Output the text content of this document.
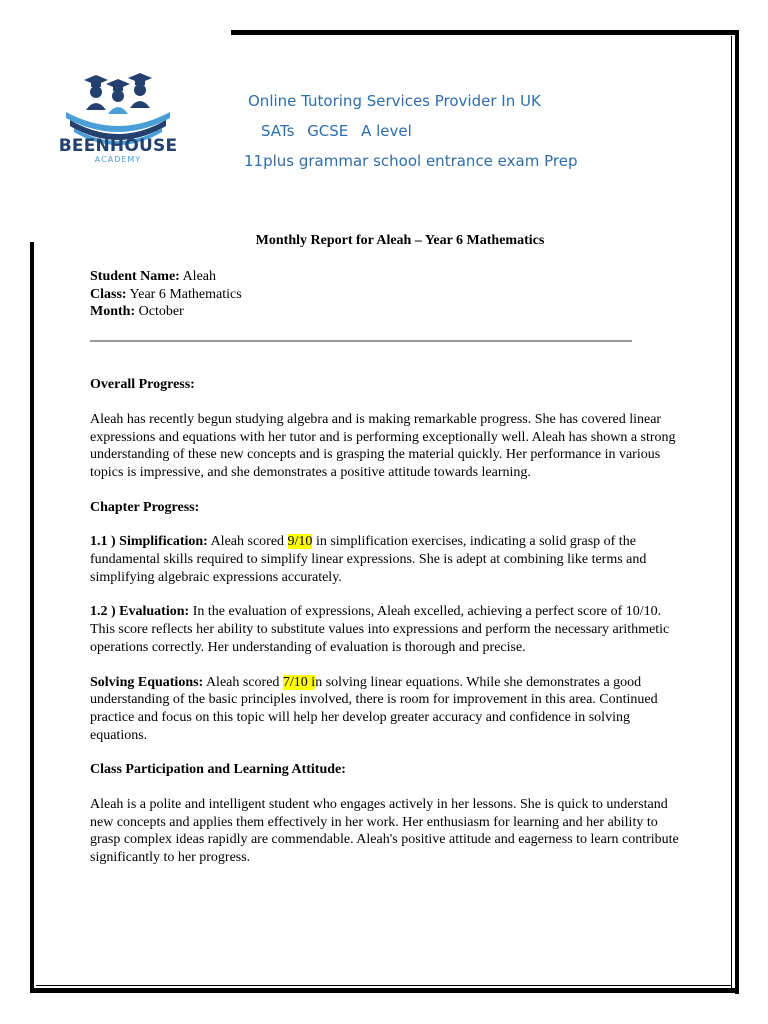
BEENHOUSE
ACADEMY
Online Tutoring Services Provider In UK
SATs GCSE A level
11plus grammar school entrance exam Prep
Monthly Report for Aleah – Year 6 Mathematics

Student Name: Aleah

Class: Year 6 Mathematics

Month: October

Overall Progress:

Aleah has recently begun studying algebra and is making remarkable progress. She has covered linear expressions and equations with her tutor and is performing exceptionally well. Aleah has shown a strong understanding of these new concepts and is grasping the material quickly. Her performance in various topics is impressive, and she demonstrates a positive attitude towards learning.

Chapter Progress:

1.1 ) Simplification: Aleah scored 9/10 in simplification exercises, indicating a solid grasp of the fundamental skills required to simplify linear expressions. She is adept at combining like terms and simplifying algebraic expressions accurately.

1.2 ) Evaluation: In the evaluation of expressions, Aleah excelled, achieving a perfect score of 10/10. This score reflects her ability to substitute values into expressions and perform the necessary arithmetic operations correctly. Her understanding of evaluation is thorough and precise.

Solving Equations: Aleah scored 7/10 in solving linear equations. While she demonstrates a good understanding of the basic principles involved, there is room for improvement in this area. Continued practice and focus on this topic will help her develop greater accuracy and confidence in solving equations.

Class Participation and Learning Attitude:

Aleah is a polite and intelligent student who engages actively in her lessons. She is quick to understand new concepts and applies them effectively in her work. Her enthusiasm for learning and her ability to grasp complex ideas rapidly are commendable. Aleah's positive attitude and eagerness to learn contribute significantly to her progress.
